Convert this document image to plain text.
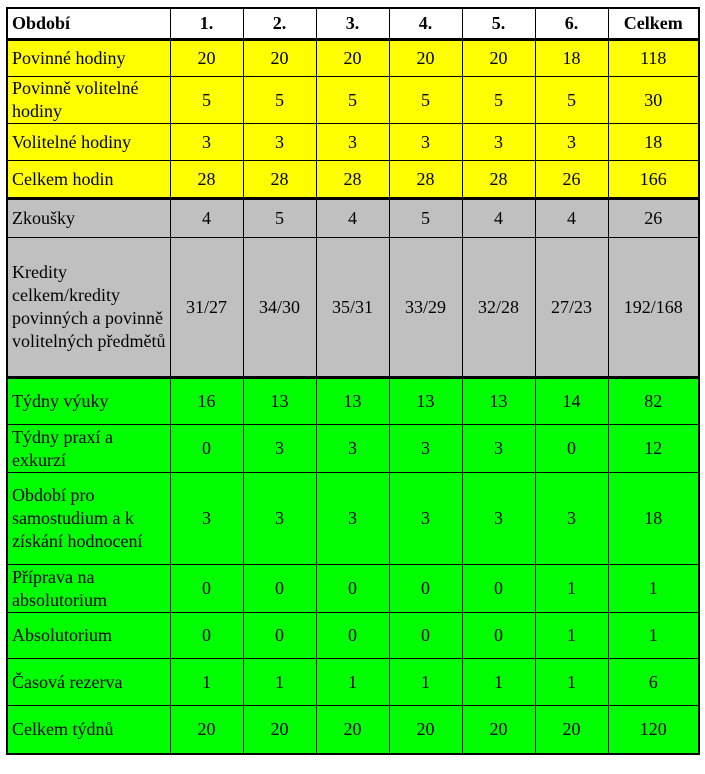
Období	1.	2.	3.	4.	5.	6.	Celkem
Povinné hodiny	20	20	20	20	20	18	118
Povinně volitelné hodiny	5	5	5	5	5	5	30
Volitelné hodiny	3	3	3	3	3	3	18
Celkem hodin	28	28	28	28	28	26	166
Zkoušky	4	5	4	5	4	4	26
Kredity celkem/kredity povinných a povinně volitelných předmětů	31/27	34/30	35/31	33/29	32/28	27/23	192/168
Týdny výuky	16	13	13	13	13	14	82
Týdny praxí a exkurzí	0	3	3	3	3	0	12
Období pro samostudium a k získání hodnocení	3	3	3	3	3	3	18
Příprava na absolutorium	0	0	0	0	0	1	1
Absolutorium	0	0	0	0	0	1	1
Časová rezerva	1	1	1	1	1	1	6
Celkem týdnů	20	20	20	20	20	20	120
